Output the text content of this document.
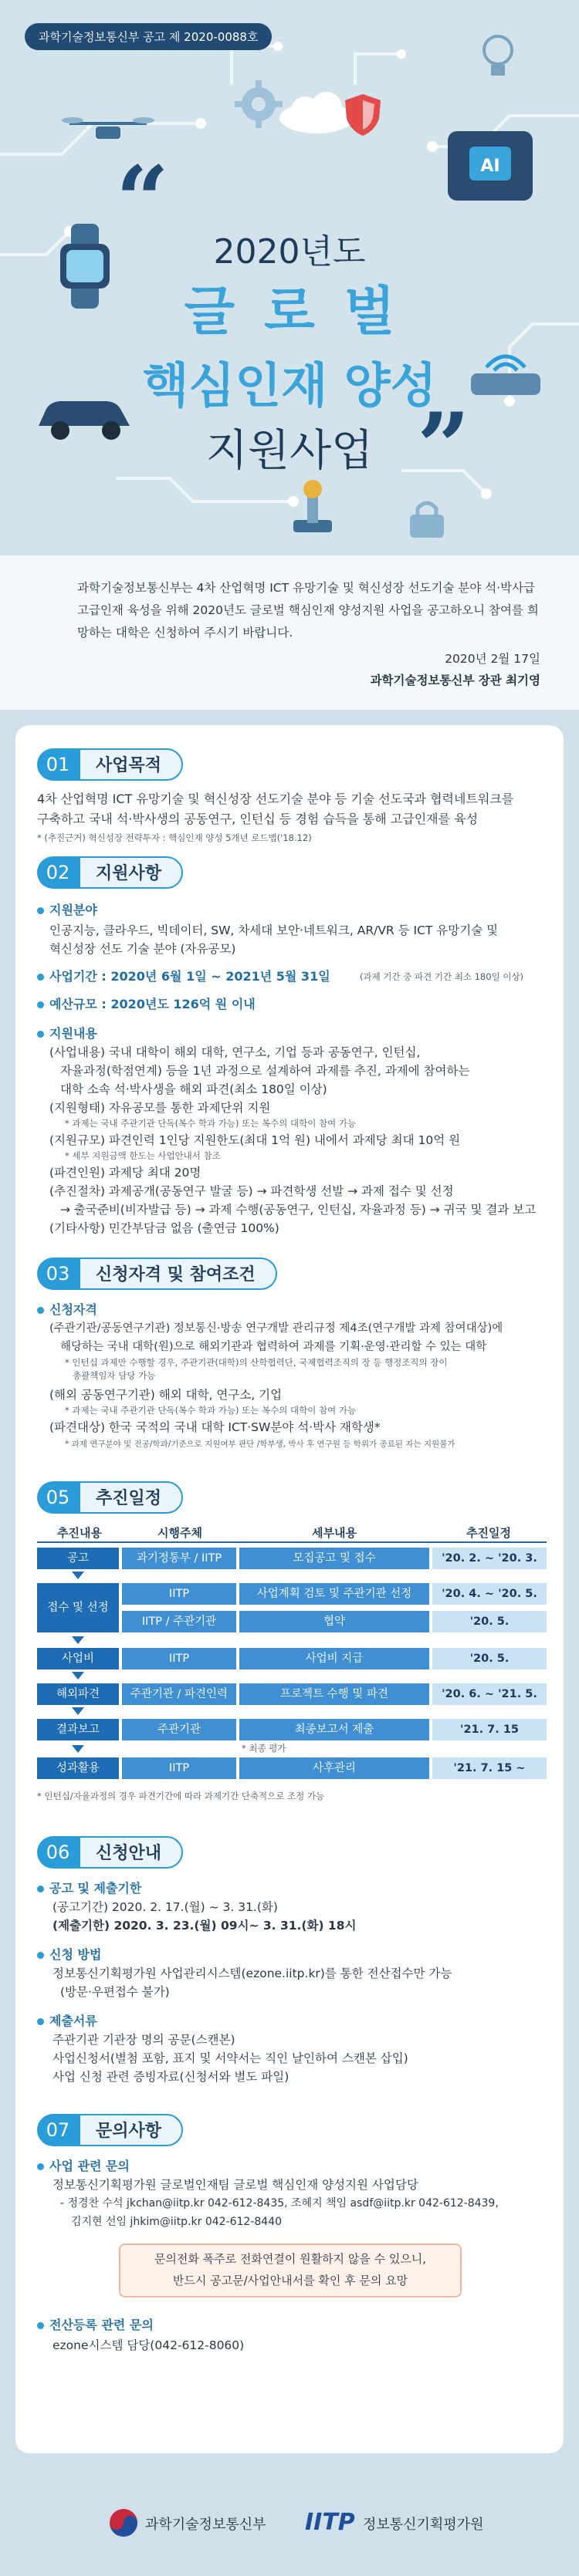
과학기술정보통신부 공고 제 2020-0088호
AI
“
”
2020년도
글로벌
핵심인재 양성
지원사업
과학기술정보통신부는 4차 산업혁명 ICT 유망기술 및 혁신성장 선도기술 분야 석·박사급 고급인재 육성을 위해 2020년도 글로벌 핵심인재 양성지원 사업을 공고하오니 참여를 희망하는 대학은 신청하여 주시기 바랍니다.
2020년 2월 17일
과학기술정보통신부 장관 최기영
01	사업목적
4차 산업혁명 ICT 유망기술 및 혁신성장 선도기술 분야 등 기술 선도국과 협력네트워크를
구축하고 국내 석·박사생의 공동연구, 인턴십 등 경험 습득을 통해 고급인재를 육성
* (추진근거) 혁신성장 전략투자 : 핵심인재 양성 5개년 로드맵('18.12)
02	지원사항
지원분야
인공지능, 클라우드, 빅데이터, SW, 차세대 보안·네트워크, AR/VR 등 ICT 유망기술 및
혁신성장 선도 기술 분야 (자유공모)
사업기간 : 2020년 6월 1일 ~ 2021년 5월 31일	(과제 기간 중 파견 기간 최소 180일 이상)
예산규모 : 2020년도 126억 원 이내
지원내용
(사업내용) 국내 대학이 해외 대학, 연구소, 기업 등과 공동연구, 인턴십,
자율과정(학점연계) 등을 1년 과정으로 설계하여 과제를 추진, 과제에 참여하는
대학 소속 석·박사생을 해외 파견(최소 180일 이상)
(지원형태) 자유공모를 통한 과제단위 지원
* 과제는 국내 주관기관 단독(복수 학과 가능) 또는 복수의 대학이 참여 가능
(지원규모) 파견인력 1인당 지원한도(최대 1억 원) 내에서 과제당 최대 10억 원
* 세부 지원금액 한도는 사업안내서 참조
(파견인원) 과제당 최대 20명
(추진절차) 과제공개(공동연구 발굴 등) → 파견학생 선발 → 과제 접수 및 선정
→ 출국준비(비자발급 등) → 과제 수행(공동연구, 인턴십, 자율과정 등) → 귀국 및 결과 보고
(기타사항) 민간부담금 없음 (출연금 100%)
03	신청자격 및 참여조건
신청자격
(주관기관/공동연구기관) 정보통신·방송 연구개발 관리규정 제4조(연구개발 과제 참여대상)에
해당하는 국내 대학(원)으로 해외기관과 협력하여 과제를 기획·운영·관리할 수 있는 대학
* 인턴십 과제만 수행할 경우, 주관기관(대학)의 산학협력단, 국제협력조직의 장 등 행정조직의 장이
총괄책임자 담당 가능
(해외 공동연구기관) 해외 대학, 연구소, 기업
* 과제는 국내 주관기관 단독(복수 학과 가능) 또는 복수의 대학이 참여 가능
(파견대상) 한국 국적의 국내 대학 ICT·SW분야 석·박사 재학생*
* 과제 연구분야 및 전공/학과/기준으로 지원여부 판단 /학부생, 박사 후 연구원 등 학위가 종료된 자는 지원불가
05	추진일정
추진내용	시행주체	세부내용	추진일정
공고	과기정통부 / IITP	모집공고 및 접수	'20. 2. ~ '20. 3.
접수 및 선정
IITP	사업계획 검토 및 주관기관 선정	'20. 4. ~ '20. 5.
IITP / 주관기관	협약	'20. 5.
사업비	IITP	사업비 지급	'20. 5.
해외파견	주관기관 / 파견인력	프로젝트 수행 및 파견	'20. 6. ~ '21. 5.
결과보고	주관기관	최종보고서 제출	'21. 7. 15
* 최종 평가
성과활용	IITP	사후관리	'21. 7. 15 ~
* 인턴십/자율과정의 경우 파견기간에 따라 과제기간 단축적으로 조정 가능
06	신청안내
공고 및 제출기한
(공고기간) 2020. 2. 17.(월) ~ 3. 31.(화)
(제출기한) 2020. 3. 23.(월) 09시~ 3. 31.(화) 18시
신청 방법
정보통신기획평가원 사업관리시스템(ezone.iitp.kr)를 통한 전산접수만 가능
(방문·우편접수 불가)
제출서류
주관기관 기관장 명의 공문(스캔본)
사업신청서(별첨 포함, 표지 및 서약서는 직인 날인하여 스캔본 삽입)
사업 신청 관련 증빙자료(신청서와 별도 파일)
07	문의사항
사업 관련 문의
정보통신기획평가원 글로벌인재팀 글로벌 핵심인재 양성지원 사업담당
- 정경찬 수석 jkchan@iitp.kr 042-612-8435, 조혜지 책임 asdf@iitp.kr 042-612-8439,
김지현 선임 jhkim@iitp.kr 042-612-8440
문의전화 폭주로 전화연결이 원활하지 않을 수 있으니,
반드시 공고문/사업안내서를 확인 후 문의 요망
전산등록 관련 문의
ezone시스템 담당(042-612-8060)
과학기술정보통신부 IITP 정보통신기획평가원
